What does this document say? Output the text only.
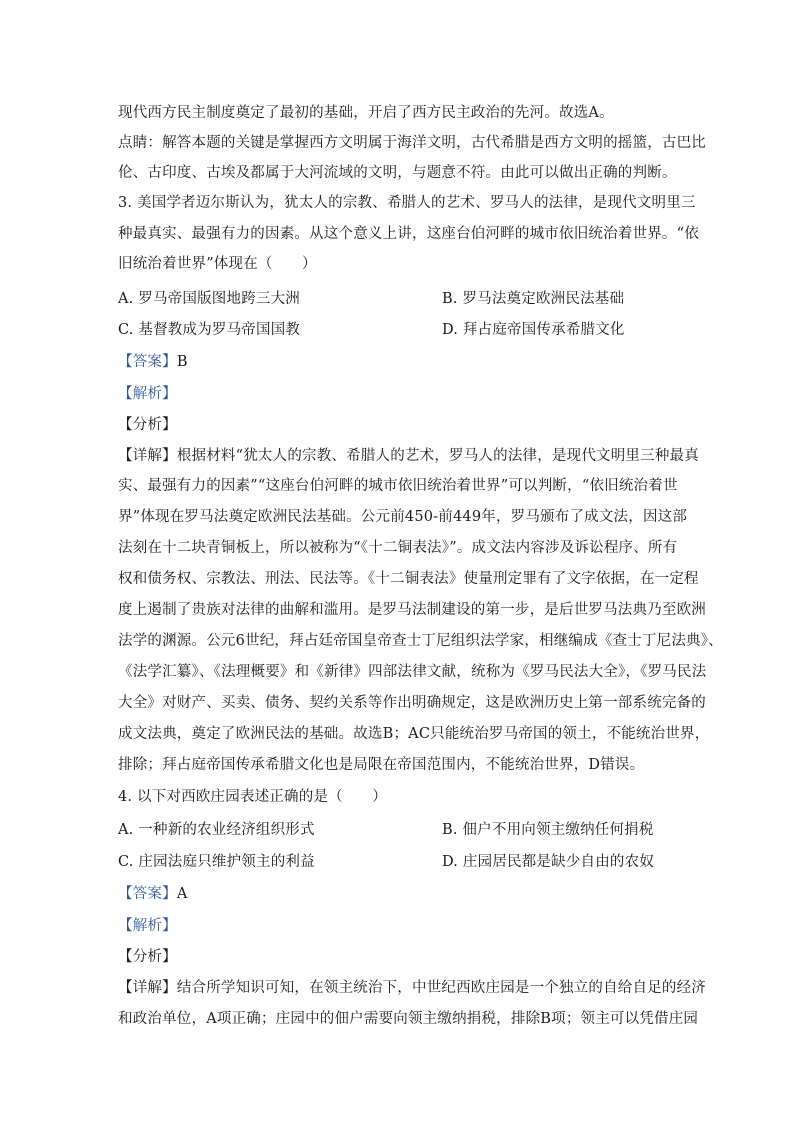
现代西方民主制度奠定了最初的基础，开启了西方民主政治的先河。故选A。
点睛：解答本题的关键是掌握西方文明属于海洋文明，古代希腊是西方文明的摇篮，古巴比
伦、古印度、古埃及都属于大河流域的文明，与题意不符。由此可以做出正确的判断。
3. 美国学者迈尔斯认为，犹太人的宗教、希腊人的艺术、罗马人的法律，是现代文明里三
种最真实、最强有力的因素。从这个意义上讲，这座台伯河畔的城市依旧统治着世界。“依
旧统治着世界”体现在（　　）
A. 罗马帝国版图地跨三大洲	B. 罗马法奠定欧洲民法基础
C. 基督教成为罗马帝国国教	D. 拜占庭帝国传承希腊文化
【答案】B
【解析】
【分析】
【详解】根据材料“犹太人的宗教、希腊人的艺术，罗马人的法律，是现代文明里三种最真
实、最强有力的因素”“这座台伯河畔的城市依旧统治着世界”可以判断，“依旧统治着世
界”体现在罗马法奠定欧洲民法基础。公元前450-前449年，罗马颁布了成文法，因这部
法刻在十二块青铜板上，所以被称为“《十二铜表法》”。成文法内容涉及诉讼程序、所有
权和债务权、宗教法、刑法、民法等。《十二铜表法》使量刑定罪有了文字依据，在一定程
度上遏制了贵族对法律的曲解和滥用。是罗马法制建设的第一步，是后世罗马法典乃至欧洲
法学的渊源。公元6世纪，拜占廷帝国皇帝查士丁尼组织法学家，相继编成《查士丁尼法典》、
《法学汇纂》、《法理概要》和《新律》四部法律文献，统称为《罗马民法大全》，《罗马民法
大全》对财产、买卖、债务、契约关系等作出明确规定，这是欧洲历史上第一部系统完备的
成文法典，奠定了欧洲民法的基础。故选B；AC只能统治罗马帝国的领土，不能统治世界，
排除；拜占庭帝国传承希腊文化也是局限在帝国范围内，不能统治世界，D错误。
4. 以下对西欧庄园表述正确的是（　　）
A. 一种新的农业经济组织形式	B. 佃户不用向领主缴纳任何捐税
C. 庄园法庭只维护领主的利益	D. 庄园居民都是缺少自由的农奴
【答案】A
【解析】
【分析】
【详解】结合所学知识可知，在领主统治下，中世纪西欧庄园是一个独立的自给自足的经济
和政治单位，A项正确；庄园中的佃户需要向领主缴纳捐税，排除B项；领主可以凭借庄园
